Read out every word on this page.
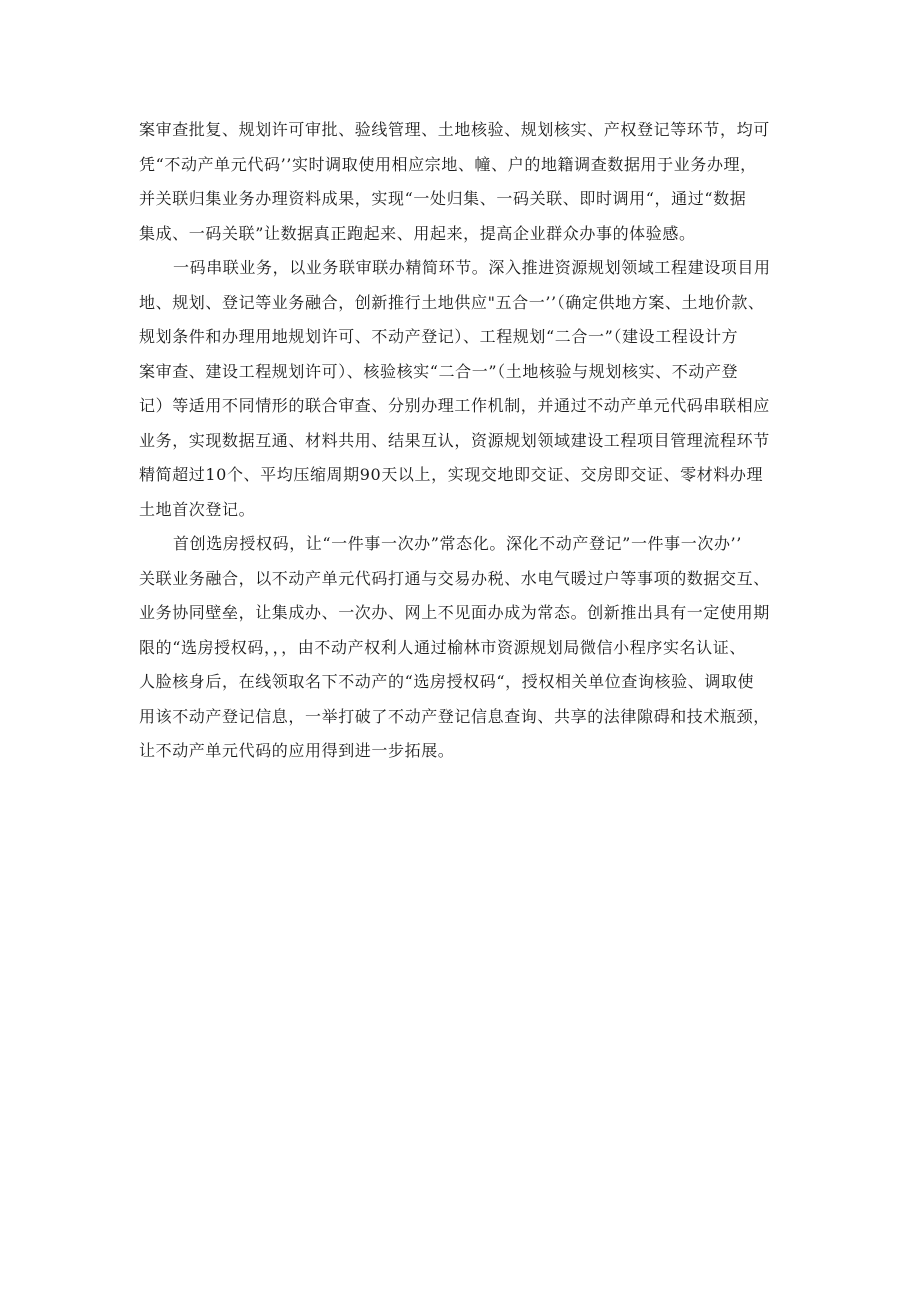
案审查批复、规划许可审批、验线管理、土地核验、规划核实、产权登记等环节，均可
凭“不动产单元代码’’实时调取使用相应宗地、幢、户的地籍调查数据用于业务办理，
并关联归集业务办理资料成果，实现“一处归集、一码关联、即时调用“，通过“数据
集成、一码关联”让数据真正跑起来、用起来，提高企业群众办事的体验感。

一码串联业务，以业务联审联办精简环节。深入推进资源规划领域工程建设项目用
地、规划、登记等业务融合，创新推行土地供应"五合一’’（确定供地方案、土地价款、
规划条件和办理用地规划许可、不动产登记）、工程规划“二合一”（建设工程设计方
案审查、建设工程规划许可）、核验核实“二合一”（土地核验与规划核实、不动产登
记）等适用不同情形的联合审查、分别办理工作机制，并通过不动产单元代码串联相应
业务，实现数据互通、材料共用、结果互认，资源规划领域建设工程项目管理流程环节
精简超过10个、平均压缩周期90天以上，实现交地即交证、交房即交证、零材料办理
土地首次登记。

首创选房授权码，让“一件事一次办”常态化。深化不动产登记”一件事一次办’’
关联业务融合，以不动产单元代码打通与交易办税、水电气暖过户等事项的数据交互、
业务协同壁垒，让集成办、一次办、网上不见面办成为常态。创新推出具有一定使用期
限的“选房授权码，，，由不动产权利人通过榆林市资源规划局微信小程序实名认证、
人脸核身后，在线领取名下不动产的“选房授权码“，授权相关单位查询核验、调取使
用该不动产登记信息，一举打破了不动产登记信息查询、共享的法律隙碍和技术瓶颈，
让不动产单元代码的应用得到进一步拓展。
